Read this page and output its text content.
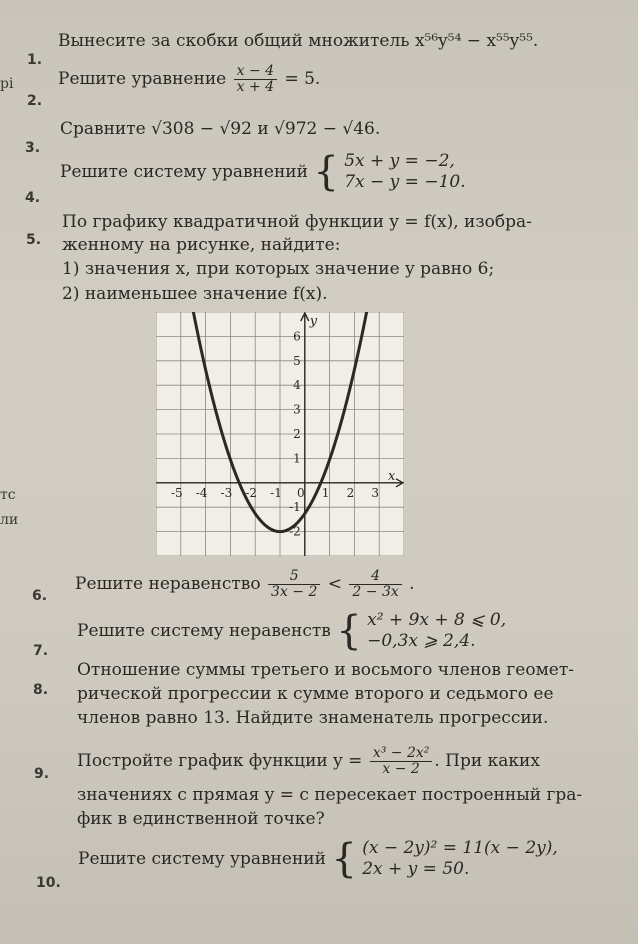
рі
тс
ли
1.
Вынесите за скобки общий множитель x⁵⁶y⁵⁴ − x⁵⁵y⁵⁵.
2.
Решите уравнение $\frac{x - 4}{x + 4} = 5$.
3.
Сравните √308 − √92 и √972 − √46.
4.
Решите систему уравнений { 5x + y = −2,
7x − y = −10.
5.
По графику квадратичной функции y = f(x), изобра-
женному на рисунке, найдите:
1) значения x, при которых значение y равно 6;
2) наименьшее значение f(x).
-5 -4 -3 -2 -1 0 1 2 3
6
5
4
3
2
1
-1
-2
x
y
6.
Решите неравенство $\frac{5}{3x - 2} < \frac{4}{2 - 3x}$ .
7.
Решите систему неравенств { x² + 9x + 8 ⩽ 0,
−0,3x ⩾ 2,4.
8.
Отношение суммы третьего и восьмого членов геомет-
рической прогрессии к сумме второго и седьмого ее
членов равно 13. Найдите знаменатель прогрессии.
9.
Постройте график функции $y = \frac{\text{x³ − 2x²}}{x - 2}$ . При каких
значениях c прямая y = c пересекает построенный гра-
фик в единственной точке?
10.
Решите систему уравнений { (x − 2y)² = 11(x − 2y),
2x + y = 50.
